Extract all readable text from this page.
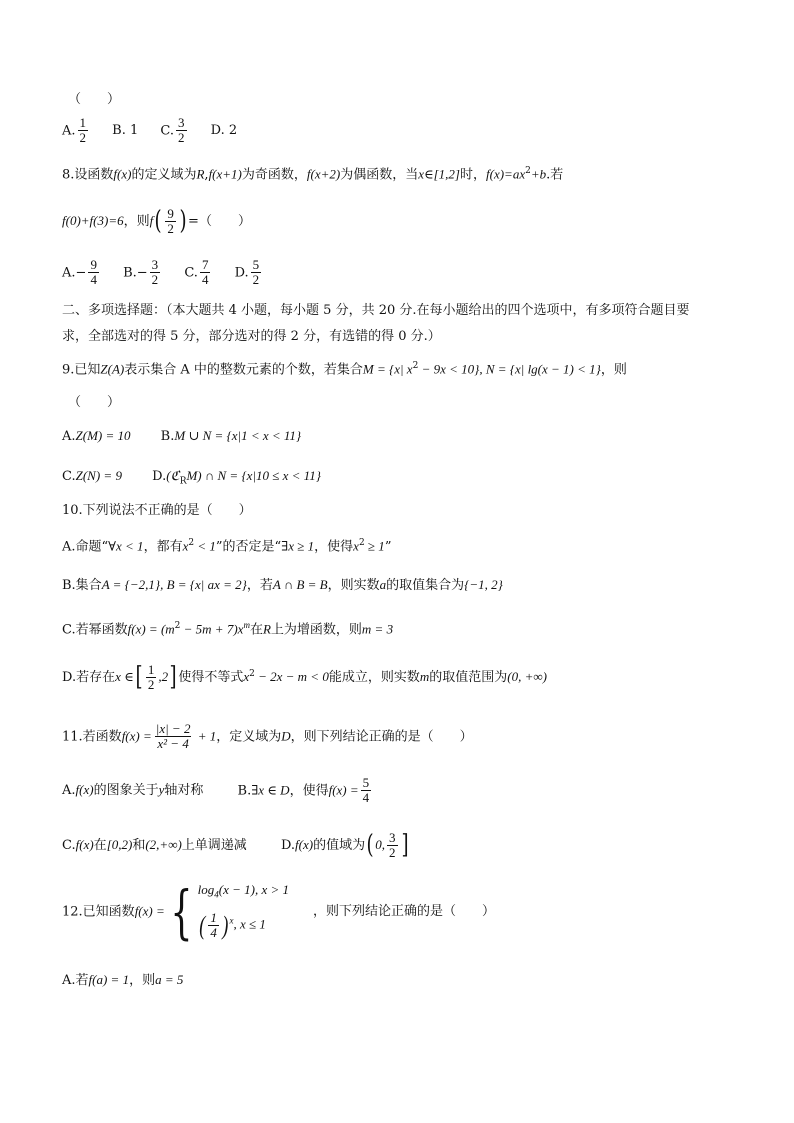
（　　）
A. $\frac{1}{2} B$. 1 C. $\frac{3}{2} D$. 2
8.设函数f(x)的定义域为R,f(x+1)为奇函数，f(x+2)为偶函数，当x∈[1,2]时，$f(x)=ax^2+b$.若
f(0)+f(3)=6，则$f( \frac{9}{2}$ ) =（　　）
$A.- \frac{9}{4} B.- \frac{3}{2} C$. $\frac{7}{4} D$. $\frac{5}{2}$
二、多项选择题：（本大题共 4 小题，每小题 5 分，共 20 分.在每小题给出的四个选项中，有多项符合题目要
求，全部选对的得 5 分，部分选对的得 2 分，有选错的得 0 分.）
9.已知Z(A)表示集合 A 中的整数元素的个数，若集合M = {x| $x^2 - 9x < 10$}, N = {x| lg(x − 1) < 1}，则
（　　）
A.Z(M) = 10 B.M ∪ N = {x|1 < x < 11}
C.Z(N) = 9 D.(ℭ$_R$M) ∩ N = {x|10 ≤ x < 11}
10.下列说法不正确的是（　　）
A.命题“∀x < 1，都有$x^2 < 1$”的否定是“∃x ≥ 1，使得$x^2 \ge 1$”
B.集合A = {−2,1}, B = {x| ax = 2}，若A ∩ B = B，则实数a的取值集合为{−1, 2}
C.若幂函数$f(x) = (m^2 - 5m + 7)x^m$在R上为增函数，则m = 3
D.若存在x ∈[ $\frac{1}{2} ,2$] 使得不等式$x^2 - 2x - m < 0$能成立，则实数m的取值范围为(0, +∞)
11.若函数$f(x) = \frac{|x| - 2}{\text{x² − 4}} + 1$，定义域为D，则下列结论正确的是（　　）
A.f(x)的图象关于y轴对称	B.∃x ∈ D，使得$f(x) = \frac{5}{4}$
C.f(x)在[0,2)和(2,+∞)上单调递减	D.f(x)的值域为( 0, $\frac{3}{2}$ ]
12.已知函数f(x) ={ $\log_4(x - 1)$, x > 1
( $\frac{1}{4} )^x$, x ≤ 1
，则下列结论正确的是（　　）
A.若f(a) = 1，则a = 5
